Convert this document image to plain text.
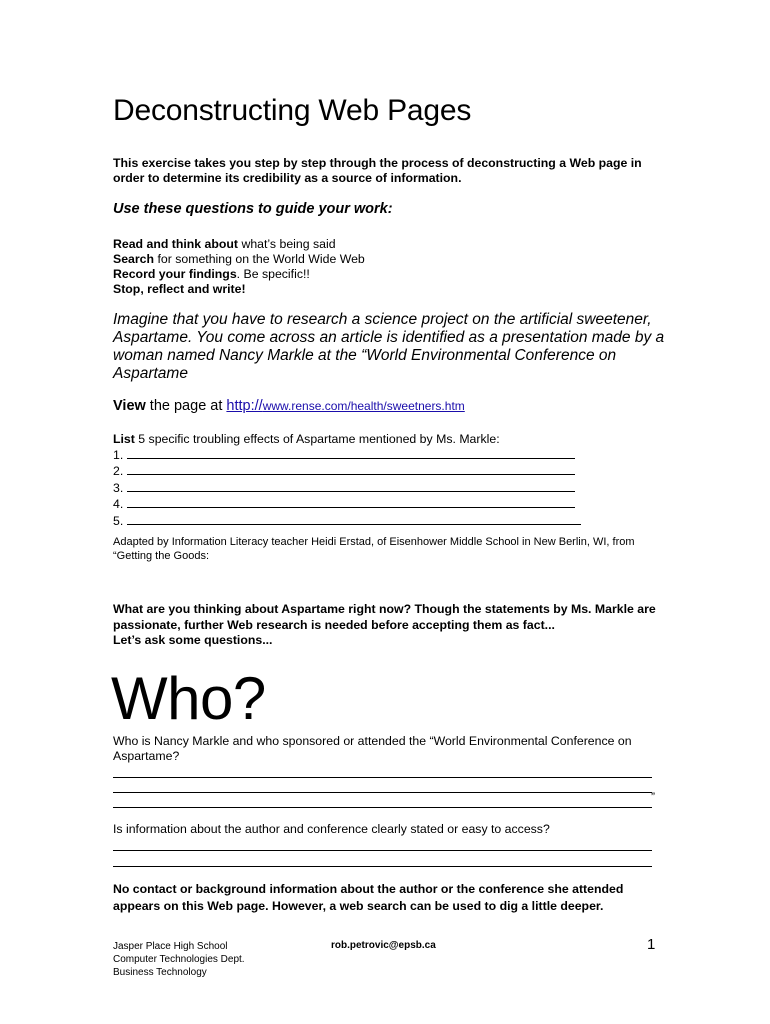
Deconstructing Web Pages
This exercise takes you step by step through the process of deconstructing a Web page in order to determine its credibility as a source of information.
Use these questions to guide your work:
Read and think about what’s being said
Search for something on the World Wide Web
Record your findings. Be specific!!
Stop, reflect and write!
Imagine that you have to research a science project on the artificial sweetener, Aspartame. You come across an article is identified as a presentation made by a woman named Nancy Markle at the “World Environmental Conference on Aspartame
View the page at http://www.rense.com/health/sweetners.htm
List 5 specific troubling effects of Aspartame mentioned by Ms. Markle:
1.
2.
3.
4.
5.
Adapted by Information Literacy teacher Heidi Erstad, of Eisenhower Middle School in New Berlin, WI, from “Getting the Goods:
What are you thinking about Aspartame right now? Though the statements by Ms. Markle are passionate, further Web research is needed before accepting them as fact...
Let’s ask some questions...
Who?
Who is Nancy Markle and who sponsored or attended the “World Environmental Conference on Aspartame?
”
Is information about the author and conference clearly stated or easy to access?
No contact or background information about the author or the conference she attended appears on this Web page. However, a web search can be used to dig a little deeper.
Jasper Place High School
Computer Technologies Dept.
Business Technology
rob.petrovic@epsb.ca	1
